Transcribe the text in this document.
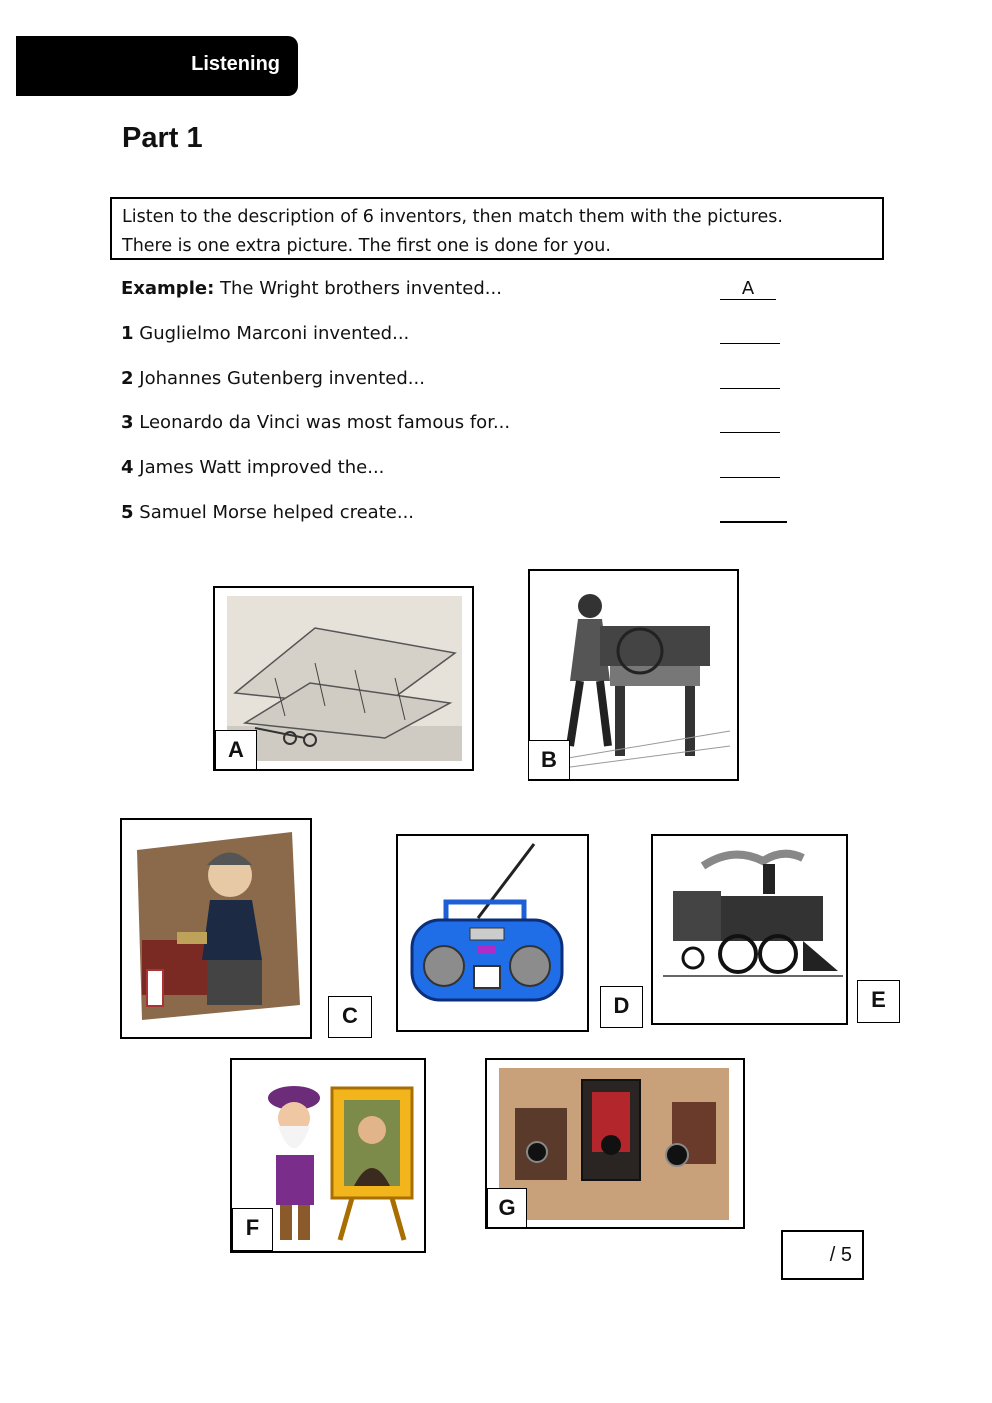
Listening
Part 1
Listen to the description of 6 inventors, then match them with the pictures.
There is one extra picture. The first one is done for you.
Example: The Wright brothers invented...	A
1 Guglielmo Marconi invented...
2 Johannes Gutenberg invented...
3 Leonardo da Vinci was most famous for...
4 James Watt improved the...
5 Samuel Morse helped create...
A	B
C	D	E
F
G
/ 5
